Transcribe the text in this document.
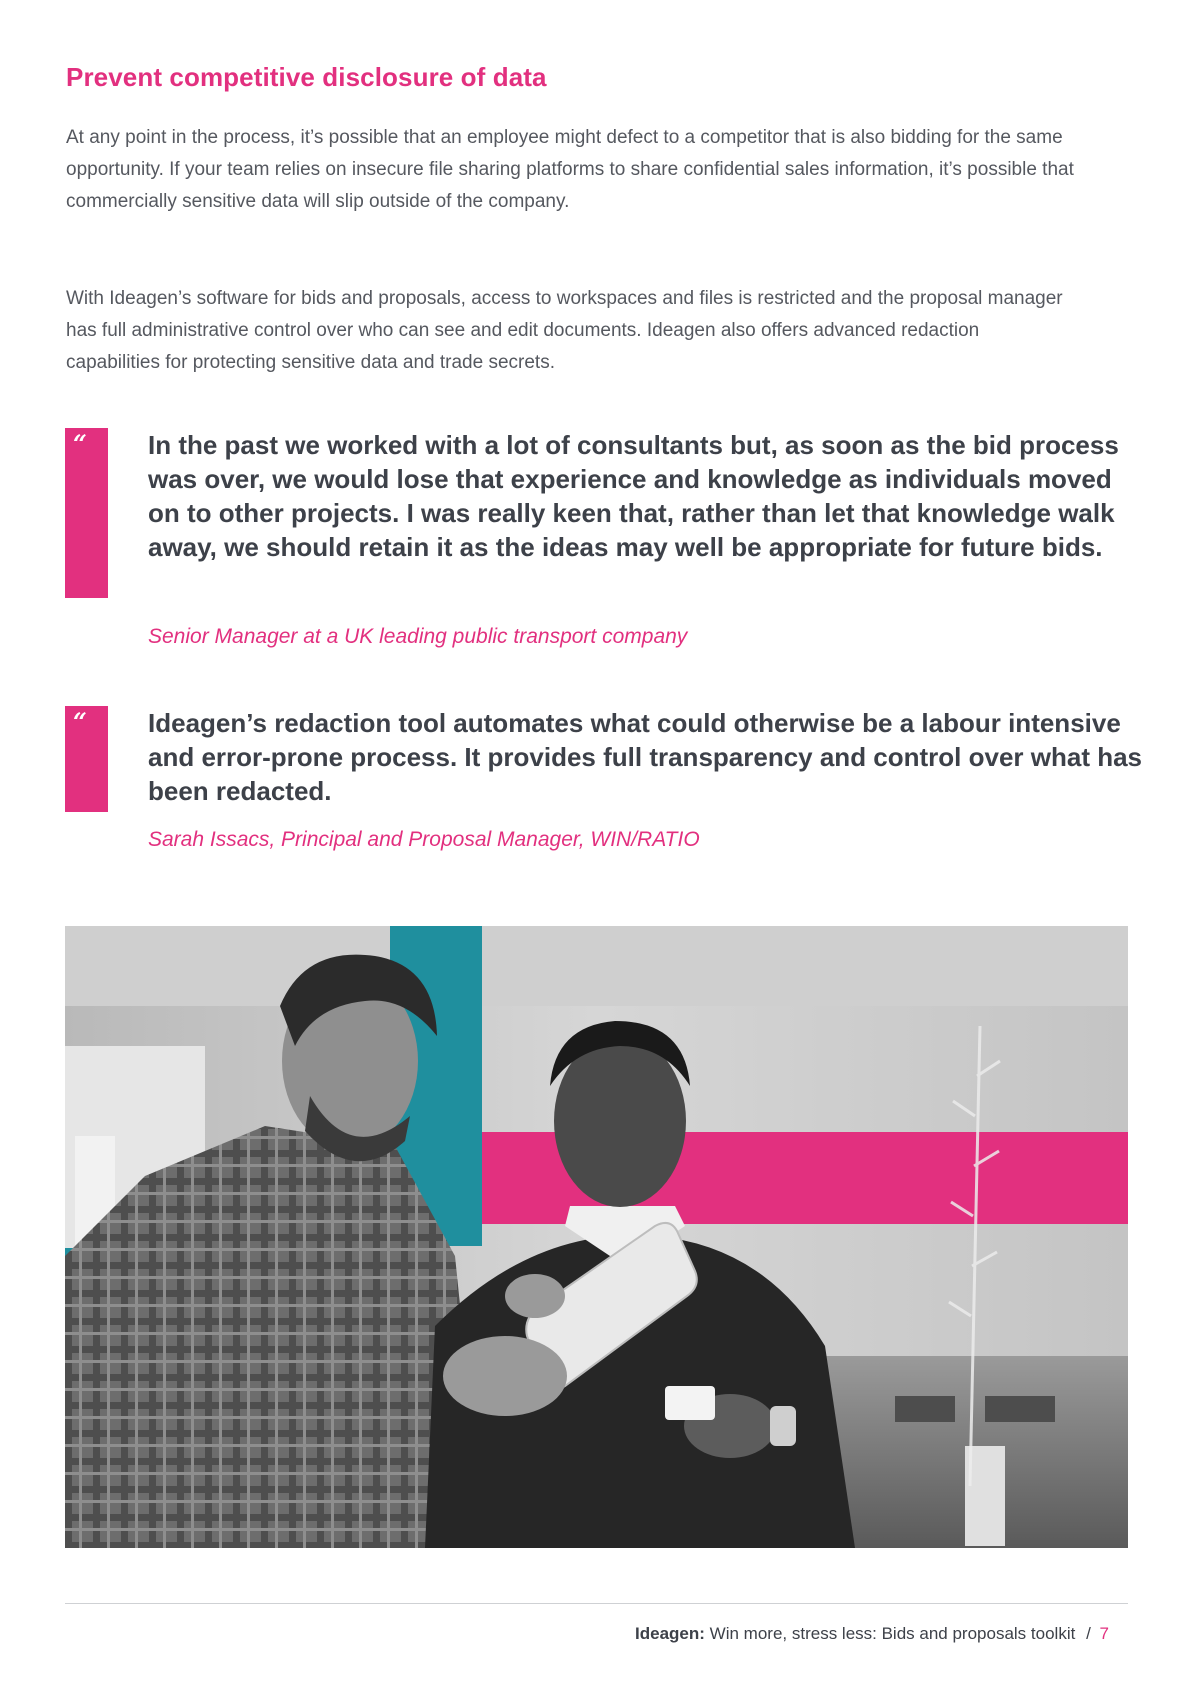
Prevent competitive disclosure of data

At any point in the process, it’s possible that an employee might defect to a competitor that is also bidding for the same opportunity. If your team relies on insecure file sharing platforms to share confidential sales information, it’s possible that commercially sensitive data will slip outside of the company.

With Ideagen’s software for bids and proposals, access to workspaces and files is restricted and the proposal manager has full administrative control over who can see and edit documents. Ideagen also offers advanced redaction capabilities for protecting sensitive data and trade secrets.

“ In the past we worked with a lot of consultants but, as soon as the bid process was over, we would lose that experience and knowledge as individuals moved on to other projects. I was really keen that, rather than let that knowledge walk away, we should retain it as the ideas may well be appropriate for future bids.

Senior Manager at a UK leading public transport company

“ Ideagen’s redaction tool automates what could otherwise be a labour intensive and error-prone process. It provides full transparency and control over what has been redacted.

Sarah Issacs, Principal and Proposal Manager, WIN/RATIO

Ideagen: Win more, stress less: Bids and proposals toolkit / 7
